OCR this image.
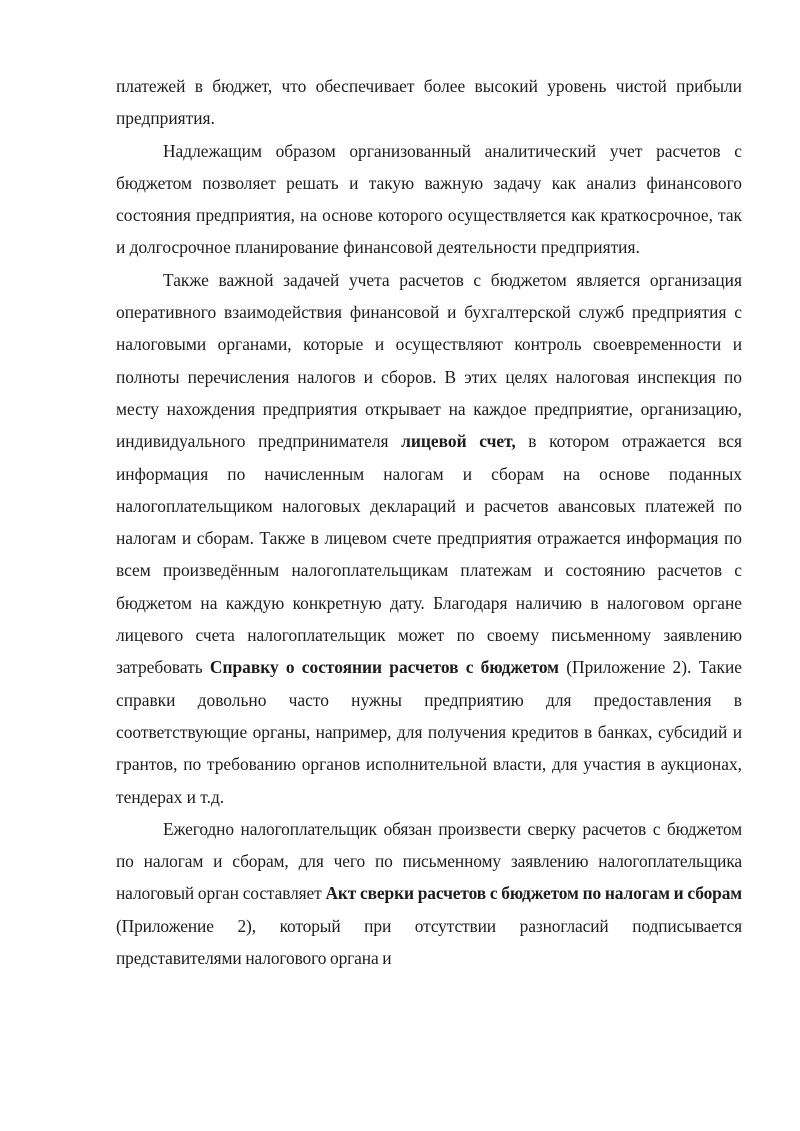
платежей в бюджет, что обеспечивает более высокий уровень чистой прибыли предприятия.

Надлежащим образом организованный аналитический учет расчетов с бюджетом позволяет решать и такую важную задачу как анализ финансового состояния предприятия, на основе которого осуществляется как краткосрочное, так и долгосрочное планирование финансовой деятельности предприятия.

Также важной задачей учета расчетов с бюджетом является организация оперативного взаимодействия финансовой и бухгалтерской служб предприятия с налоговыми органами, которые и осуществляют контроль своевременности и полноты перечисления налогов и сборов. В этих целях налоговая инспекция по месту нахождения предприятия открывает на каждое предприятие, организацию, индивидуального предпринимателя лицевой счет, в котором отражается вся информация по начисленным налогам и сборам на основе поданных налогоплательщиком налоговых деклараций и расчетов авансовых платежей по налогам и сборам. Также в лицевом счете предприятия отражается информация по всем произведённым налогоплательщикам платежам и состоянию расчетов с бюджетом на каждую конкретную дату. Благодаря наличию в налоговом органе лицевого счета налогоплательщик может по своему письменному заявлению затребовать Справку о состоянии расчетов с бюджетом (Приложение 2). Такие справки довольно часто нужны предприятию для предоставления в соответствующие органы, например, для получения кредитов в банках, субсидий и грантов, по требованию органов исполнительной власти, для участия в аукционах, тендерах и т.д.

Ежегодно налогоплательщик обязан произвести сверку расчетов с бюджетом по налогам и сборам, для чего по письменному заявлению налогоплательщика налоговый орган составляет Акт сверки расчетов с бюджетом по налогам и сборам (Приложение 2), который при отсутствии разногласий подписывается представителями налогового органа и
